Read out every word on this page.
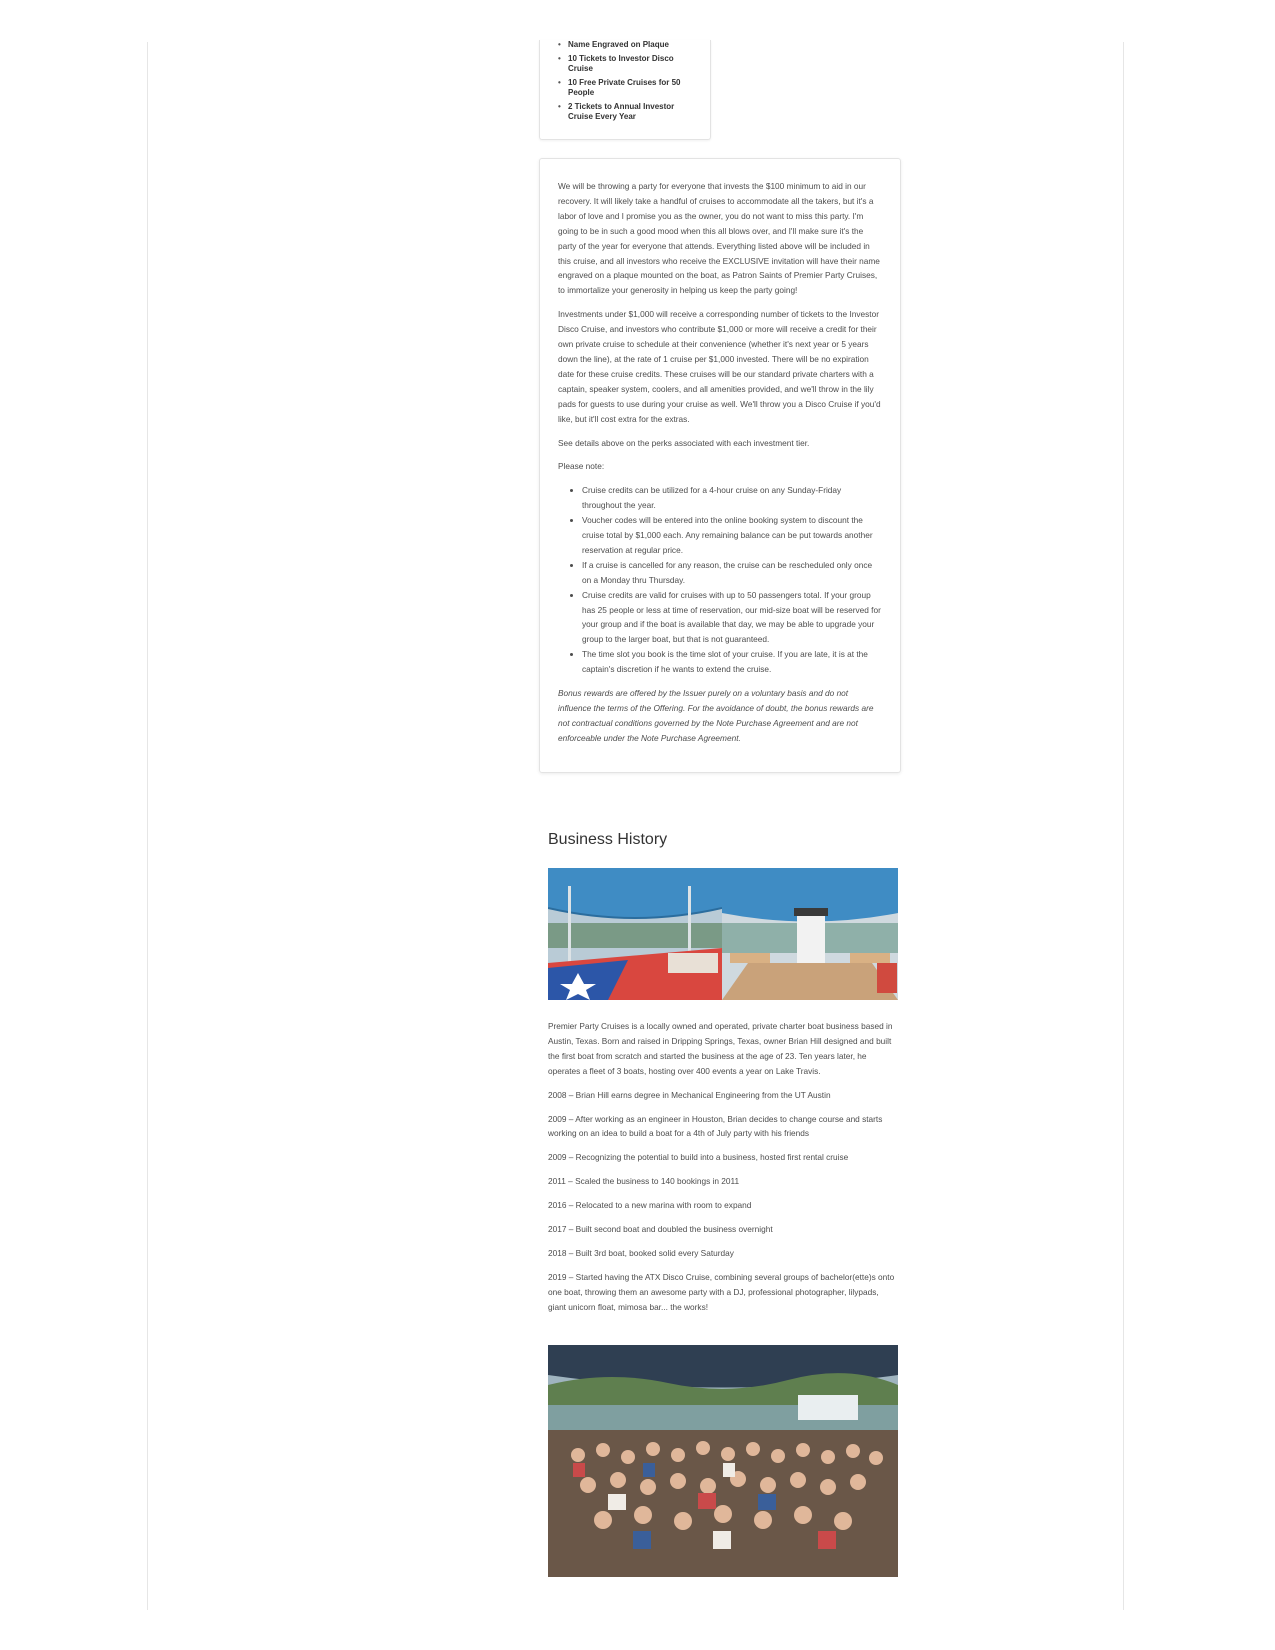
• Name Engraved on Plaque
• 10 Tickets to Investor Disco Cruise
• 10 Free Private Cruises for 50 People
• 2 Tickets to Annual Investor Cruise Every Year

We will be throwing a party for everyone that invests the $100 minimum to aid in our recovery. It will likely take a handful of cruises to accommodate all the takers, but it's a labor of love and I promise you as the owner, you do not want to miss this party. I'm going to be in such a good mood when this all blows over, and I'll make sure it's the party of the year for everyone that attends. Everything listed above will be included in this cruise, and all investors who receive the EXCLUSIVE invitation will have their name engraved on a plaque mounted on the boat, as Patron Saints of Premier Party Cruises, to immortalize your generosity in helping us keep the party going!

Investments under $1,000 will receive a corresponding number of tickets to the Investor Disco Cruise, and investors who contribute $1,000 or more will receive a credit for their own private cruise to schedule at their convenience (whether it's next year or 5 years down the line), at the rate of 1 cruise per $1,000 invested. There will be no expiration date for these cruise credits. These cruises will be our standard private charters with a captain, speaker system, coolers, and all amenities provided, and we'll throw in the lily pads for guests to use during your cruise as well. We'll throw you a Disco Cruise if you'd like, but it'll cost extra for the extras.

See details above on the perks associated with each investment tier.

Please note:

• Cruise credits can be utilized for a 4-hour cruise on any Sunday-Friday throughout the year.
• Voucher codes will be entered into the online booking system to discount the cruise total by $1,000 each. Any remaining balance can be put towards another reservation at regular price.
• If a cruise is cancelled for any reason, the cruise can be rescheduled only once on a Monday thru Thursday.
• Cruise credits are valid for cruises with up to 50 passengers total. If your group has 25 people or less at time of reservation, our mid-size boat will be reserved for your group and if the boat is available that day, we may be able to upgrade your group to the larger boat, but that is not guaranteed.
• The time slot you book is the time slot of your cruise. If you are late, it is at the captain's discretion if he wants to extend the cruise.

Bonus rewards are offered by the Issuer purely on a voluntary basis and do not influence the terms of the Offering. For the avoidance of doubt, the bonus rewards are not contractual conditions governed by the Note Purchase Agreement and are not enforceable under the Note Purchase Agreement.

Business History

Premier Party Cruises is a locally owned and operated, private charter boat business based in Austin, Texas. Born and raised in Dripping Springs, Texas, owner Brian Hill designed and built the first boat from scratch and started the business at the age of 23. Ten years later, he operates a fleet of 3 boats, hosting over 400 events a year on Lake Travis.

2008 – Brian Hill earns degree in Mechanical Engineering from the UT Austin

2009 – After working as an engineer in Houston, Brian decides to change course and starts working on an idea to build a boat for a 4th of July party with his friends

2009 – Recognizing the potential to build into a business, hosted first rental cruise

2011 – Scaled the business to 140 bookings in 2011

2016 – Relocated to a new marina with room to expand

2017 – Built second boat and doubled the business overnight

2018 – Built 3rd boat, booked solid every Saturday

2019 – Started having the ATX Disco Cruise, combining several groups of bachelor(ette)s onto one boat, throwing them an awesome party with a DJ, professional photographer, lilypads, giant unicorn float, mimosa bar... the works!
